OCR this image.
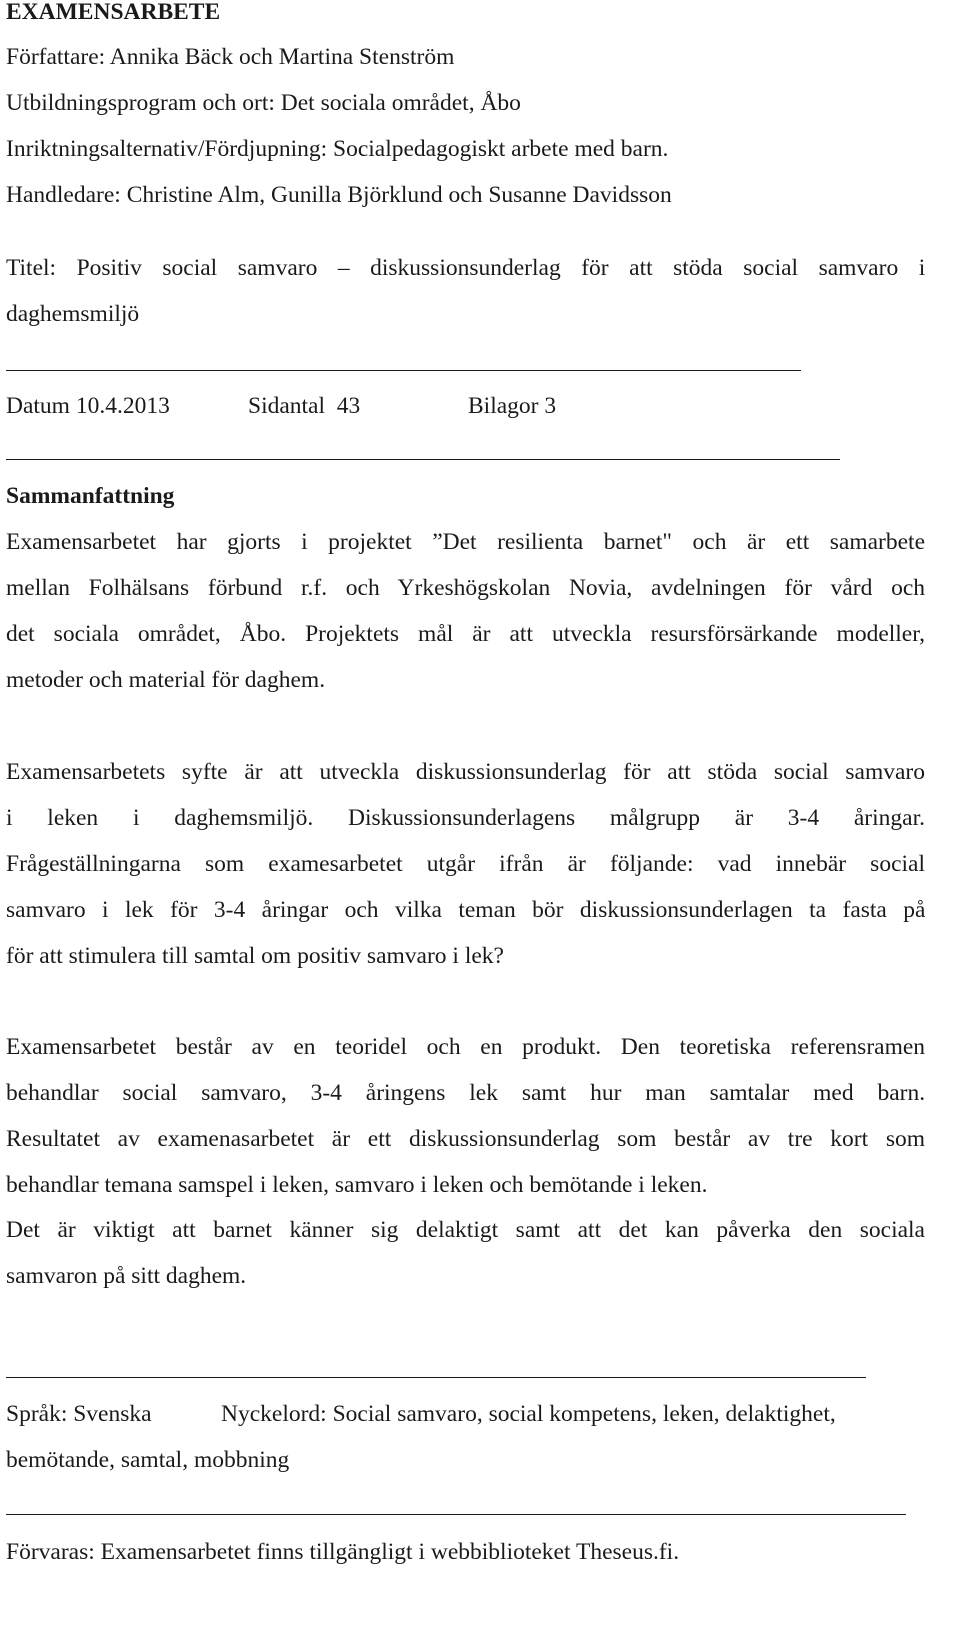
EXAMENSARBETE
Författare: Annika Bäck och Martina Stenström
Utbildningsprogram och ort: Det sociala området, Åbo
Inriktningsalternativ/Fördjupning: Socialpedagogiskt arbete med barn.
Handledare: Christine Alm, Gunilla Björklund och Susanne Davidsson
Titel: Positiv social samvaro – diskussionsunderlag för att stöda social samvaro i
daghemsmiljö
Datum 10.4.2013	Sidantal  43	Bilagor 3
Sammanfattning
Examensarbetet har gjorts i projektet ”Det resilienta barnet" och är ett samarbete
mellan Folhälsans förbund r.f. och Yrkeshögskolan Novia, avdelningen för vård och
det sociala området, Åbo. Projektets mål är att utveckla resursförsärkande modeller,
metoder och material för daghem.
Examensarbetets syfte är att utveckla diskussionsunderlag för att stöda social samvaro
i leken i daghemsmiljö. Diskussionsunderlagens målgrupp är 3-4 åringar.
Frågeställningarna som examesarbetet utgår ifrån är följande: vad innebär social
samvaro i lek för 3-4 åringar och vilka teman bör diskussionsunderlagen ta fasta på
för att stimulera till samtal om positiv samvaro i lek?
Examensarbetet består av en teoridel och en produkt. Den teoretiska referensramen
behandlar social samvaro, 3-4 åringens lek samt hur man samtalar med barn.
Resultatet av examenasarbetet är ett diskussionsunderlag som består av tre kort som
behandlar temana samspel i leken, samvaro i leken och bemötande i leken.
Det är viktigt att barnet känner sig delaktigt samt att det kan påverka den sociala
samvaron på sitt daghem.
Språk: Svenska	Nyckelord: Social samvaro, social kompetens, leken, delaktighet,
bemötande, samtal, mobbning
Förvaras: Examensarbetet finns tillgängligt i webbiblioteket Theseus.fi.
